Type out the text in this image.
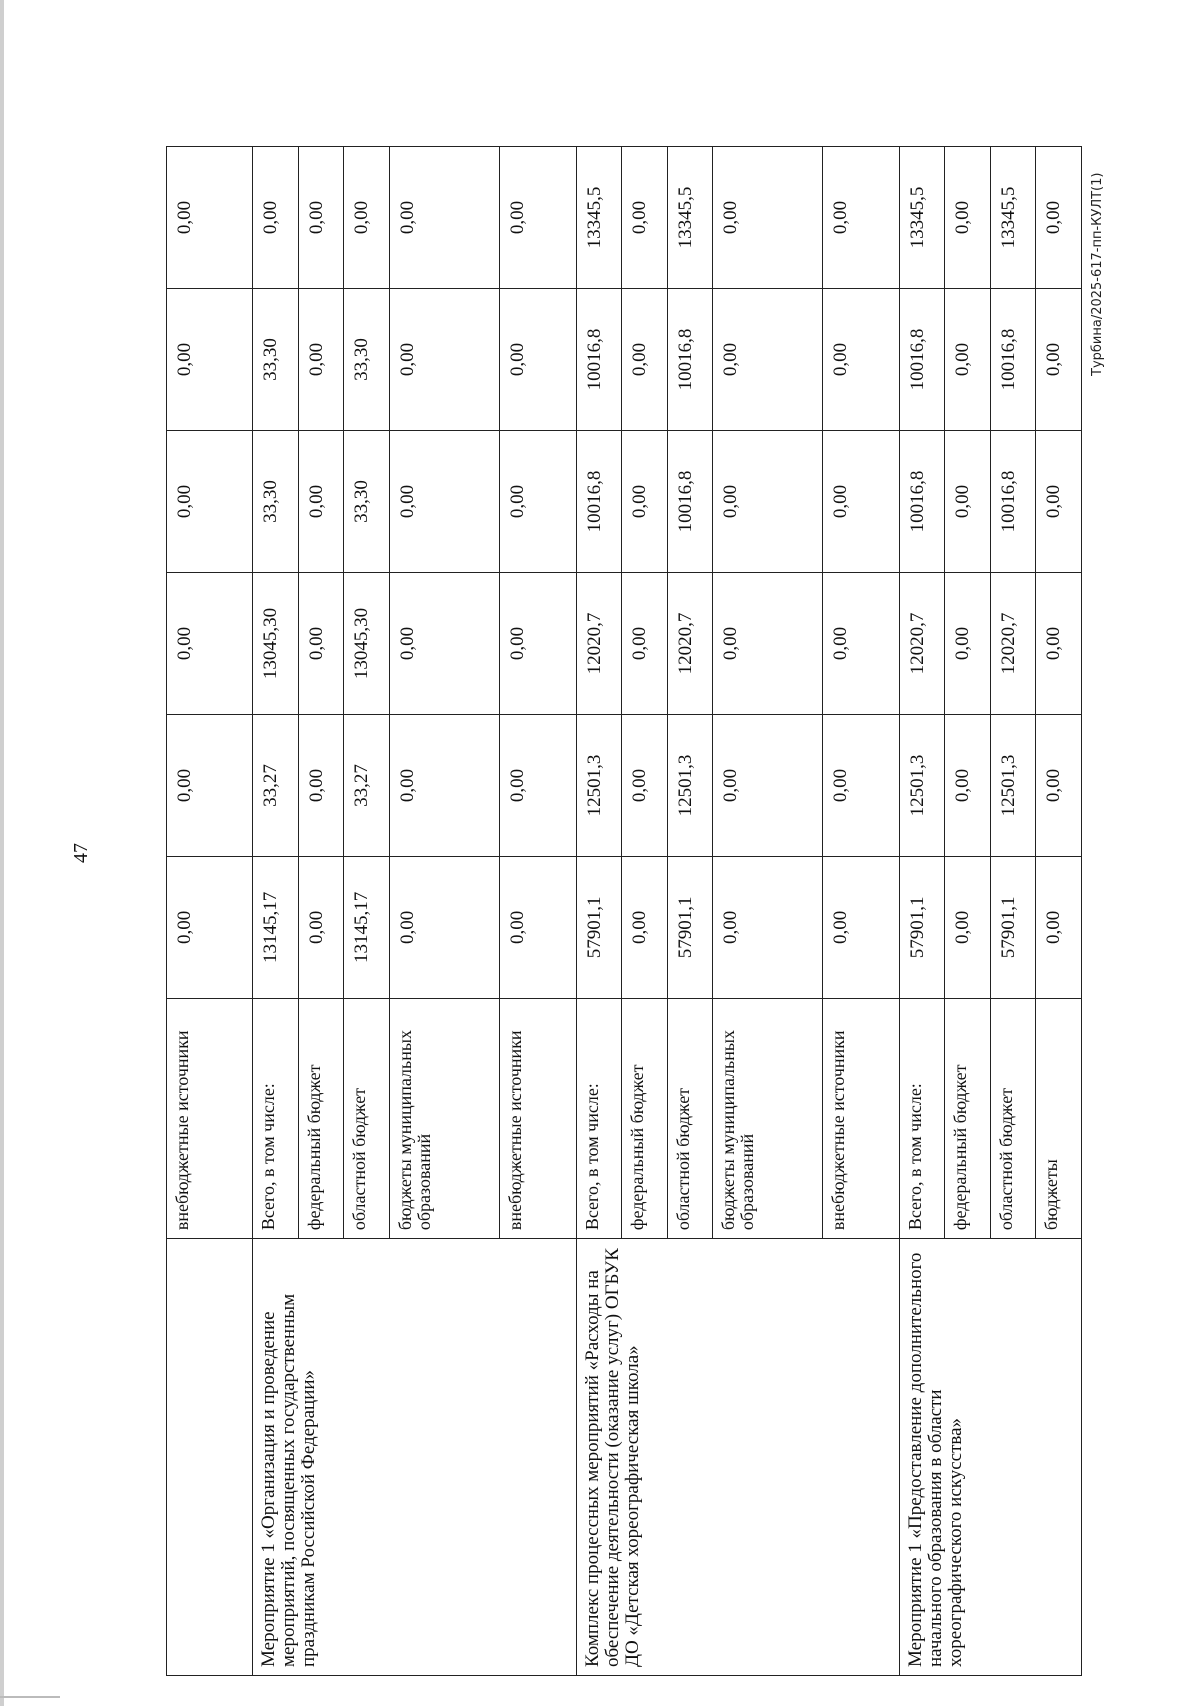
47
	внебюджетные источники	0,00	0,00	0,00	0,00	0,00	0,00
Мероприятие 1 «Организация и проведение мероприятий, посвященных государственным праздникам Российской Федерации»	Всего, в том числе:	13145,17	33,27	13045,30	33,30	33,30	0,00
	федеральный бюджет	0,00	0,00	0,00	0,00	0,00	0,00
	областной бюджет	13145,17	33,27	13045,30	33,30	33,30	0,00
	бюджеты муниципальных образований	0,00	0,00	0,00	0,00	0,00	0,00
	внебюджетные источники	0,00	0,00	0,00	0,00	0,00	0,00
Комплекс процессных мероприятий «Расходы на обеспечение деятельности (оказание услуг) ОГБУК ДО «Детская хореографическая школа»	Всего, в том числе:	57901,1	12501,3	12020,7	10016,8	10016,8	13345,5
	федеральный бюджет	0,00	0,00	0,00	0,00	0,00	0,00
	областной бюджет	57901,1	12501,3	12020,7	10016,8	10016,8	13345,5
	бюджеты муниципальных образований	0,00	0,00	0,00	0,00	0,00	0,00
	внебюджетные источники	0,00	0,00	0,00	0,00	0,00	0,00
Мероприятие 1 «Предоставление дополнительного начального образования в области хореографического искусства»	Всего, в том числе:	57901,1	12501,3	12020,7	10016,8	10016,8	13345,5
	федеральный бюджет	0,00	0,00	0,00	0,00	0,00	0,00
	областной бюджет	57901,1	12501,3	12020,7	10016,8	10016,8	13345,5
	бюджеты	0,00	0,00	0,00	0,00	0,00	0,00 Турбина/2025-617-пп-КУЛТ(1)
